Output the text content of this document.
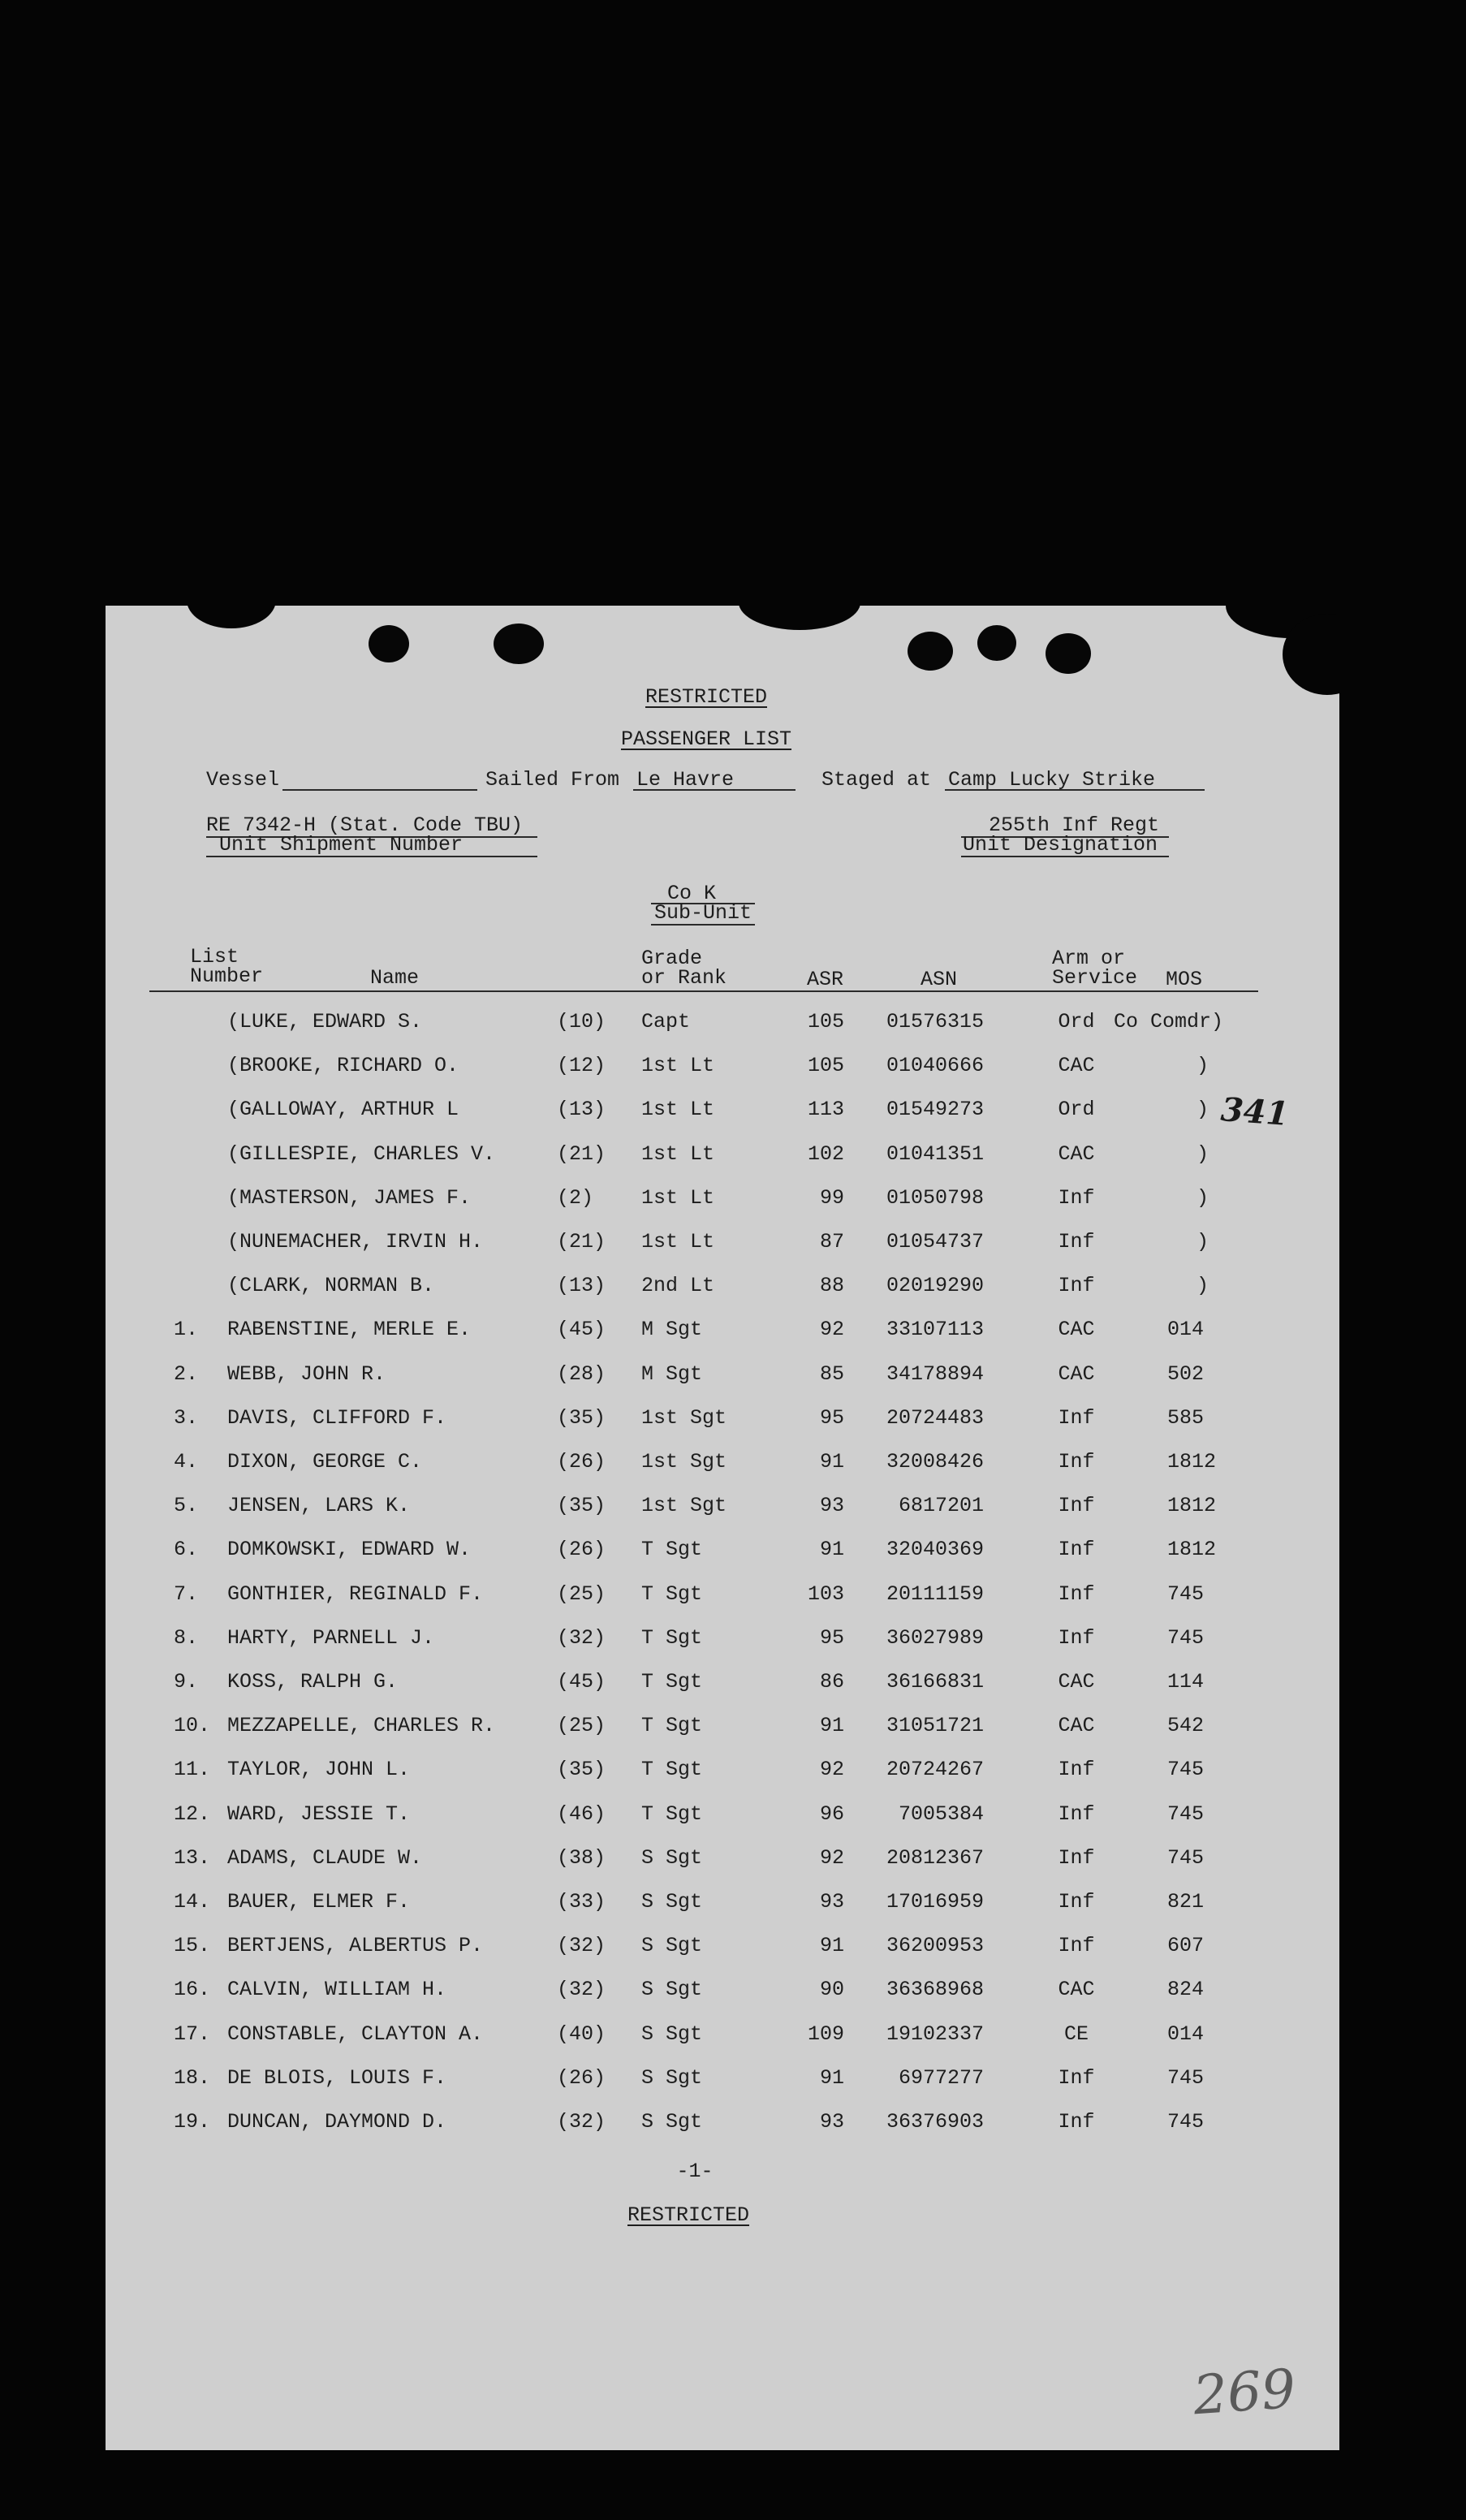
RESTRICTED
PASSENGER LIST
Vessel	Sailed From Le Havre	Staged at Camp Lucky Strike
RE 7342-H (Stat. Code TBU)
Unit Shipment Number
255th Inf Regt
Unit Designation
Co K
Sub-Unit
List
Number	Name
Grade
or Rank	ASR	ASN
Arm or
Service MOS
(LUKE, EDWARD S.	(10) Capt	105 01576315	Ord Co Comdr)
(BROOKE, RICHARD O.	(12) 1st Lt	105 01040666	CAC	)
(GALLOWAY, ARTHUR L	(13) 1st Lt	113 01549273	Ord	)
(GILLESPIE, CHARLES V.	(21) 1st Lt	102 01041351	CAC	)
(MASTERSON, JAMES F.	(2) 1st Lt	99 01050798	Inf	)
(NUNEMACHER, IRVIN H.	(21) 1st Lt	87 01054737	Inf	)
(CLARK, NORMAN B.	(13) 2nd Lt	88 02019290	Inf	)
1. RABENSTINE, MERLE E.	(45) M Sgt	92 33107113	CAC	014
2. WEBB, JOHN R.	(28) M Sgt	85 34178894	CAC	502
3. DAVIS, CLIFFORD F.	(35) 1st Sgt	95 20724483	Inf	585
4. DIXON, GEORGE C.	(26) 1st Sgt	91 32008426	Inf	1812
5. JENSEN, LARS K.	(35) 1st Sgt	93	6817201	Inf	1812
6. DOMKOWSKI, EDWARD W.	(26) T Sgt	91 32040369	Inf	1812
7. GONTHIER, REGINALD F.	(25) T Sgt	103 20111159	Inf	745
8. HARTY, PARNELL J.	(32) T Sgt	95 36027989	Inf	745
9. KOSS, RALPH G.	(45) T Sgt	86 36166831	CAC	114
10. MEZZAPELLE, CHARLES R.	(25) T Sgt	91 31051721	CAC	542
11. TAYLOR, JOHN L.	(35) T Sgt	92 20724267	Inf	745
12. WARD, JESSIE T.	(46) T Sgt	96	7005384	Inf	745
13. ADAMS, CLAUDE W.	(38) S Sgt	92 20812367	Inf	745
14. BAUER, ELMER F.	(33) S Sgt	93 17016959	Inf	821
15. BERTJENS, ALBERTUS P.	(32) S Sgt	91 36200953	Inf	607
16. CALVIN, WILLIAM H.	(32) S Sgt	90 36368968	CAC	824
17. CONSTABLE, CLAYTON A.	(40) S Sgt	109 19102337	CE	014
18. DE BLOIS, LOUIS F.	(26) S Sgt	91	6977277	Inf	745
19. DUNCAN, DAYMOND D.	(32) S Sgt	93 36376903	Inf	745
341
269
-1-
RESTRICTED
